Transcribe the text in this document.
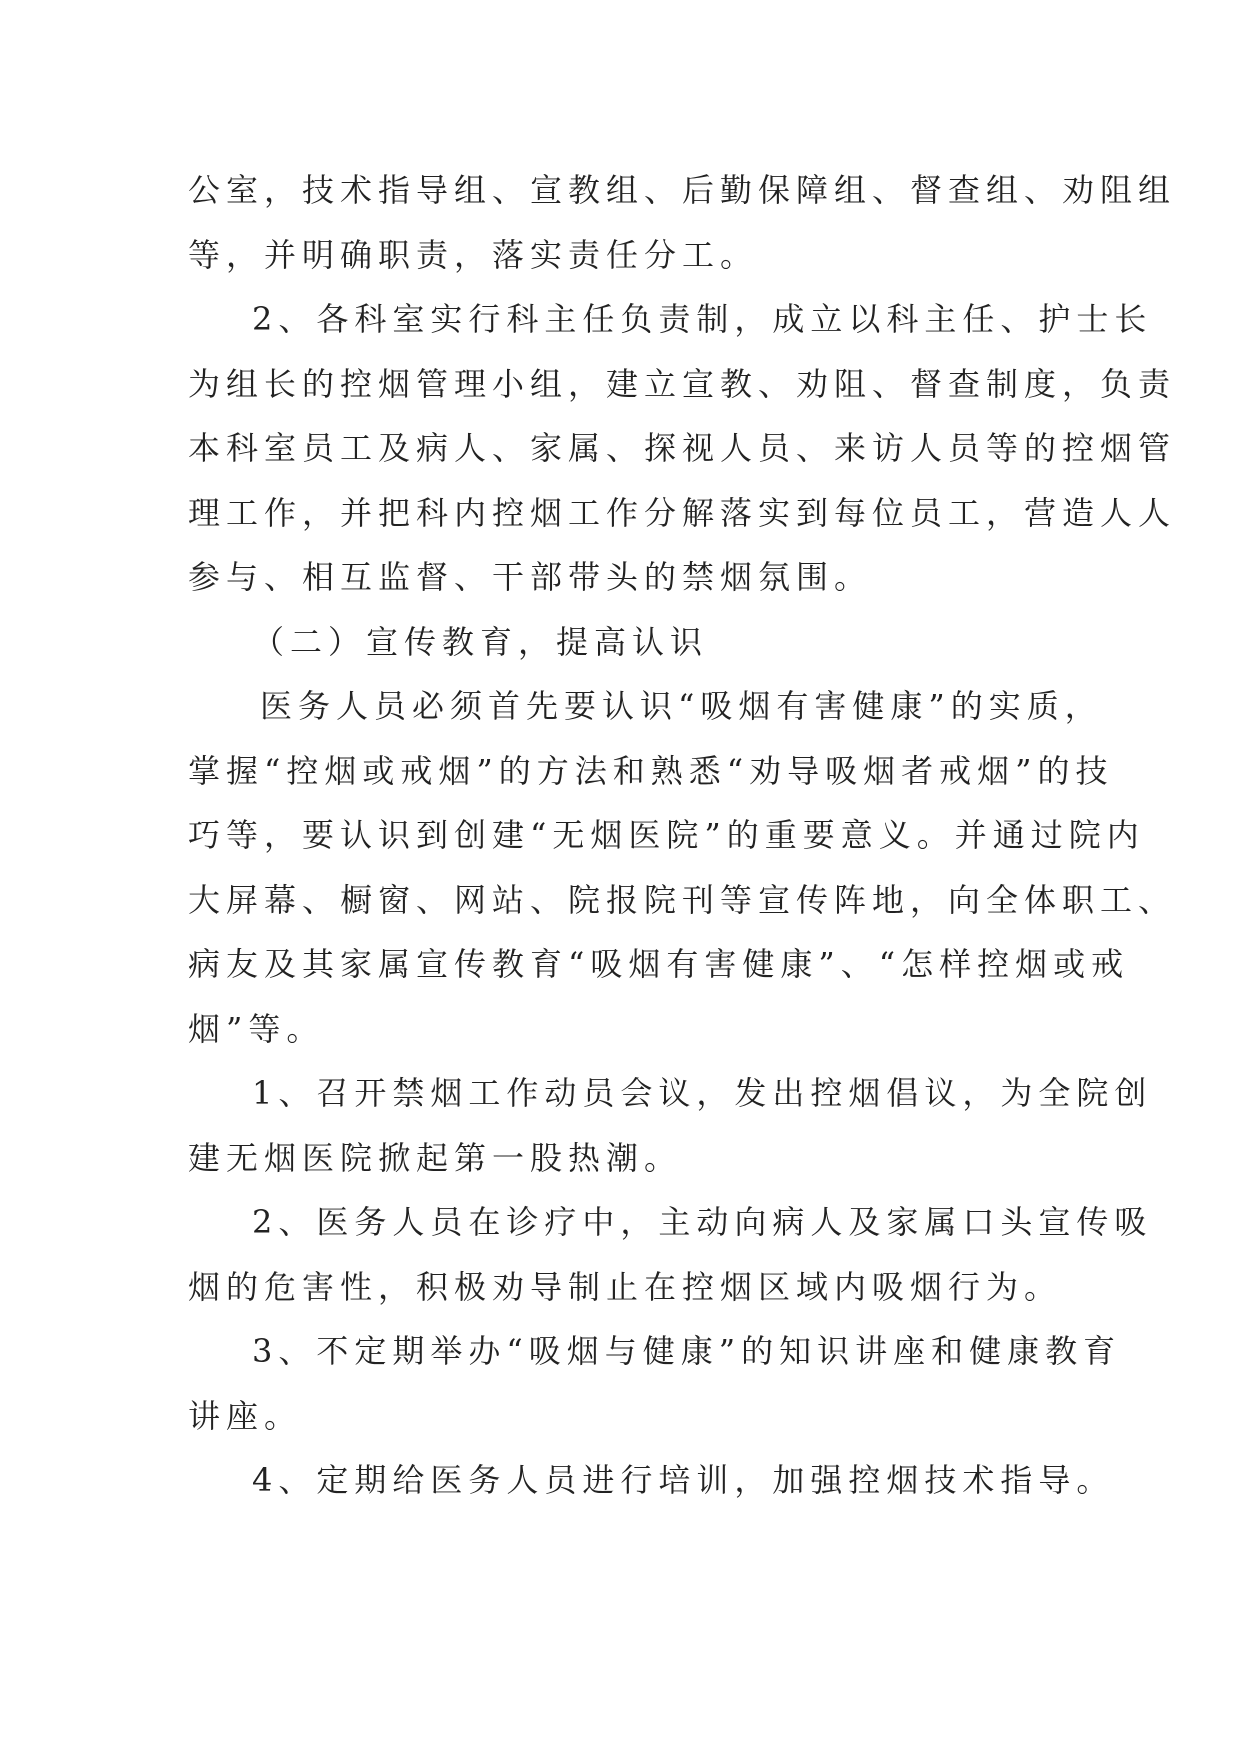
公室，技术指导组、宣教组、后勤保障组、督查组、劝阻组
等，并明确职责，落实责任分工。
2、各科室实行科主任负责制，成立以科主任、护士长
为组长的控烟管理小组，建立宣教、劝阻、督查制度，负责
本科室员工及病人、家属、探视人员、来访人员等的控烟管
理工作，并把科内控烟工作分解落实到每位员工，营造人人
参与、相互监督、干部带头的禁烟氛围。
（二）宣传教育，提高认识
医务人员必须首先要认识“吸烟有害健康”的实质，
掌握“控烟或戒烟”的方法和熟悉“劝导吸烟者戒烟”的技
巧等，要认识到创建“无烟医院”的重要意义。并通过院内
大屏幕、橱窗、网站、院报院刊等宣传阵地，向全体职工、
病友及其家属宣传教育“吸烟有害健康”、“怎样控烟或戒
烟”等。
1、召开禁烟工作动员会议，发出控烟倡议，为全院创
建无烟医院掀起第一股热潮。
2、医务人员在诊疗中，主动向病人及家属口头宣传吸
烟的危害性，积极劝导制止在控烟区域内吸烟行为。
3、不定期举办“吸烟与健康”的知识讲座和健康教育
讲座。
4、定期给医务人员进行培训，加强控烟技术指导。
